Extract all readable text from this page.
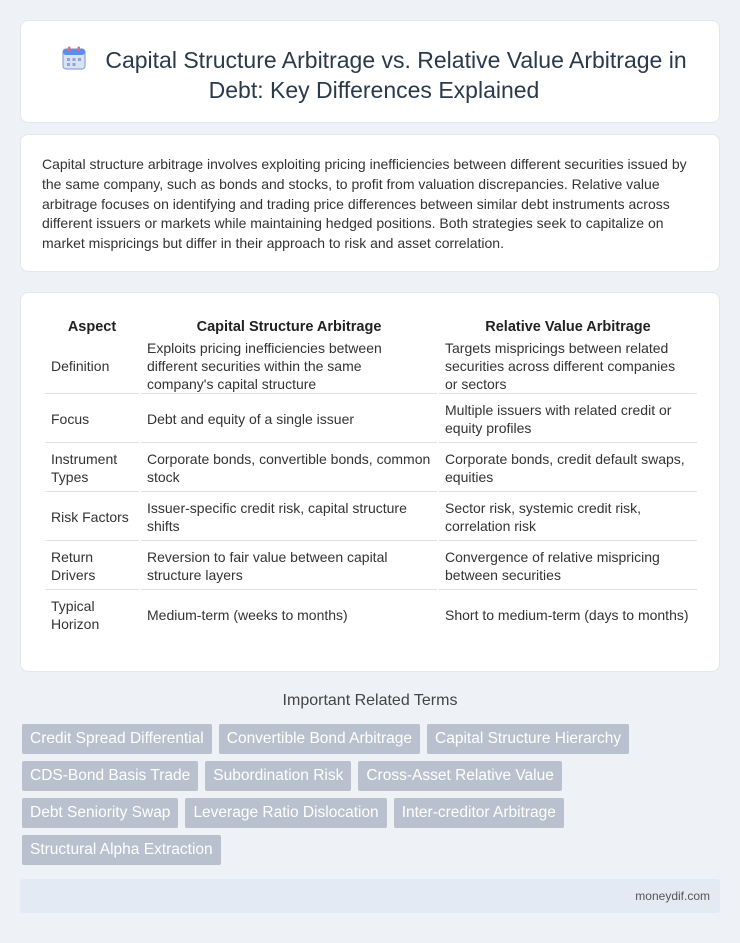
Capital Structure Arbitrage vs. Relative Value Arbitrage in Debt: Key Differences Explained

Capital structure arbitrage involves exploiting pricing inefficiencies between different securities issued by the same company, such as bonds and stocks, to profit from valuation discrepancies. Relative value arbitrage focuses on identifying and trading price differences between similar debt instruments across different issuers or markets while maintaining hedged positions. Both strategies seek to capitalize on market mispricings but differ in their approach to risk and asset correlation.

Aspect	Capital Structure Arbitrage	Relative Value Arbitrage
Definition	Exploits pricing inefficiencies between different securities within the same company's capital structure	Targets mispricings between related securities across different companies or sectors
Focus	Debt and equity of a single issuer	Multiple issuers with related credit or equity profiles
Instrument Types	Corporate bonds, convertible bonds, common stock	Corporate bonds, credit default swaps, equities
Risk Factors	Issuer-specific credit risk, capital structure shifts	Sector risk, systemic credit risk, correlation risk
Return Drivers	Reversion to fair value between capital structure layers	Convergence of relative mispricing between securities
Typical Horizon	Medium-term (weeks to months)	Short to medium-term (days to months)
Important Related Terms
Credit Spread Differential	Convertible Bond Arbitrage	Capital Structure Hierarchy
CDS-Bond Basis Trade	Subordination Risk	Cross-Asset Relative Value
Debt Seniority Swap	Leverage Ratio Dislocation	Inter-creditor Arbitrage
Structural Alpha Extraction
moneydif.com
